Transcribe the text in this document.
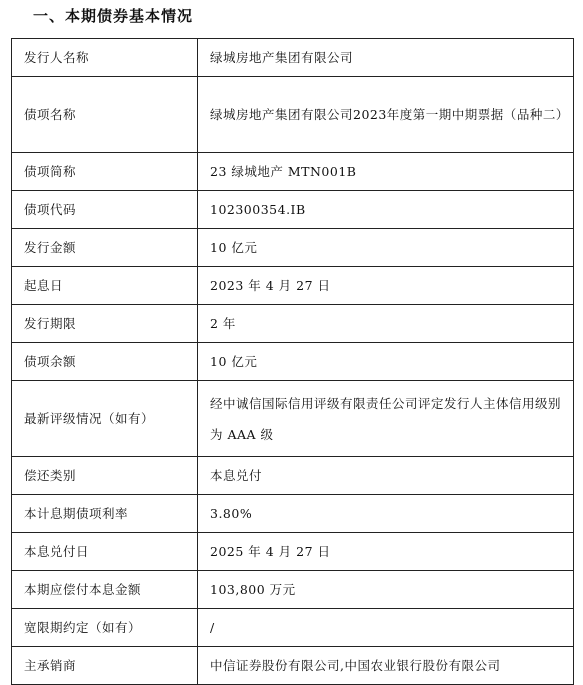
一、本期债券基本情况
发行人名称	绿城房地产集团有限公司
债项名称	绿城房地产集团有限公司2023年度第一期中期票据（品种二）
债项简称	23 绿城地产 MTN001B
债项代码	102300354.IB
发行金额	10 亿元
起息日	2023 年 4 月 27 日
发行期限	2 年
债项余额	10 亿元
最新评级情况（如有）	经中诚信国际信用评级有限责任公司评定发行人主体信用级别为 AAA 级
偿还类别	本息兑付
本计息期债项利率	3.80%
本息兑付日	2025 年 4 月 27 日
本期应偿付本息金额	103,800 万元
宽限期约定（如有）	/
主承销商	中信证券股份有限公司,中国农业银行股份有限公司
